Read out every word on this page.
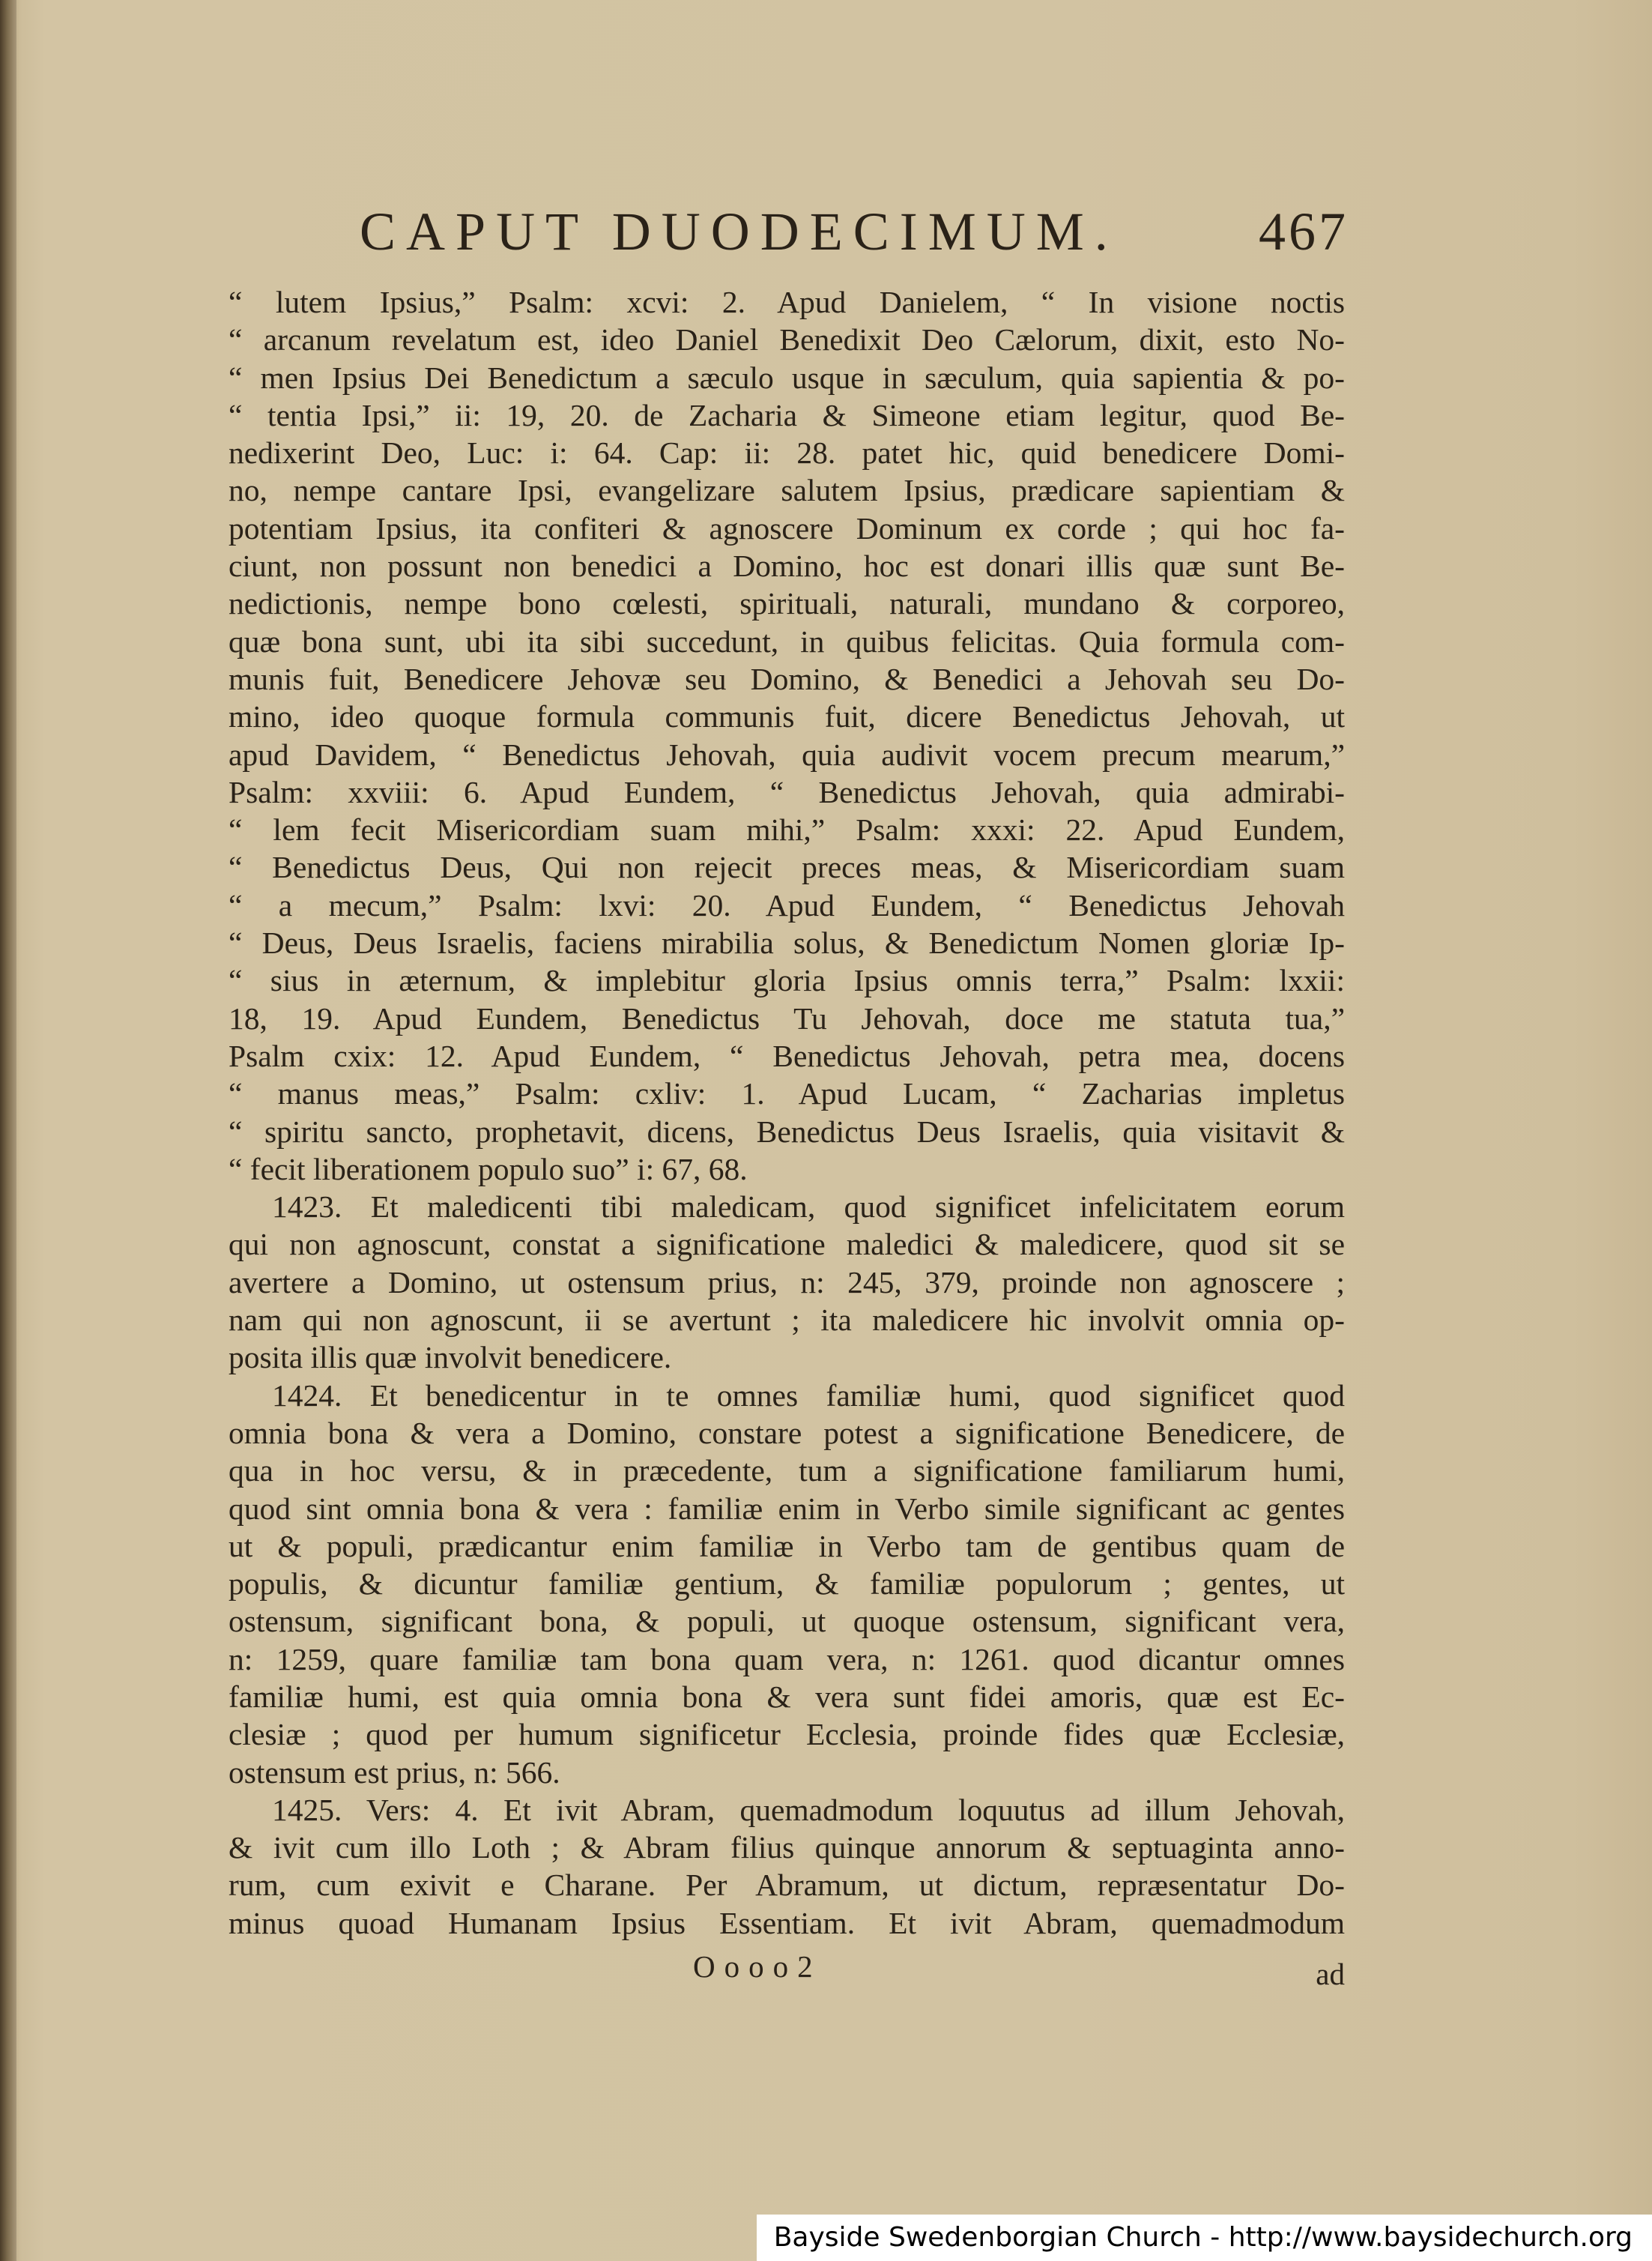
CAPUT DUODECIMUM.	467
“ lutem Ipsius,” Psalm: xcvi: 2. Apud Danielem, “ In visione noctis
“ arcanum revelatum est, ideo Daniel Benedixit Deo Cælorum, dixit, esto No-
“ men Ipsius Dei Benedictum a sæculo usque in sæculum, quia sapientia & po-
“ tentia Ipsi,” ii: 19, 20. de Zacharia & Simeone etiam legitur, quod Be-
nedixerint Deo, Luc: i: 64. Cap: ii: 28. patet hic, quid benedicere Domi-
no, nempe cantare Ipsi, evangelizare salutem Ipsius, prædicare sapientiam &
potentiam Ipsius, ita confiteri & agnoscere Dominum ex corde ; qui hoc fa-
ciunt, non possunt non benedici a Domino, hoc est donari illis quæ sunt Be-
nedictionis, nempe bono cœlesti, spirituali, naturali, mundano & corporeo,
quæ bona sunt, ubi ita sibi succedunt, in quibus felicitas. Quia formula com-
munis fuit, Benedicere Jehovæ seu Domino, & Benedici a Jehovah seu Do-
mino, ideo quoque formula communis fuit, dicere Benedictus Jehovah, ut
apud Davidem, “ Benedictus Jehovah, quia audivit vocem precum mearum,”
Psalm: xxviii: 6. Apud Eundem, “ Benedictus Jehovah, quia admirabi-
“ lem fecit Misericordiam suam mihi,” Psalm: xxxi: 22. Apud Eundem,
“ Benedictus Deus, Qui non rejecit preces meas, & Misericordiam suam
“ a mecum,” Psalm: lxvi: 20. Apud Eundem, “ Benedictus Jehovah
“ Deus, Deus Israelis, faciens mirabilia solus, & Benedictum Nomen gloriæ Ip-
“ sius in æternum, & implebitur gloria Ipsius omnis terra,” Psalm: lxxii:
18, 19. Apud Eundem, Benedictus Tu Jehovah, doce me statuta tua,”
Psalm cxix: 12. Apud Eundem, “ Benedictus Jehovah, petra mea, docens
“ manus meas,” Psalm: cxliv: 1. Apud Lucam, “ Zacharias impletus
“ spiritu sancto, prophetavit, dicens, Benedictus Deus Israelis, quia visitavit &
“ fecit liberationem populo suo” i: 67, 68.
1423. Et maledicenti tibi maledicam, quod significet infelicitatem eorum
qui non agnoscunt, constat a significatione maledici & maledicere, quod sit se
avertere a Domino, ut ostensum prius, n: 245, 379, proinde non agnoscere ;
nam qui non agnoscunt, ii se avertunt ; ita maledicere hic involvit omnia op-
posita illis quæ involvit benedicere.
1424. Et benedicentur in te omnes familiæ humi, quod significet quod
omnia bona & vera a Domino, constare potest a significatione Benedicere, de
qua in hoc versu, & in præcedente, tum a significatione familiarum humi,
quod sint omnia bona & vera : familiæ enim in Verbo simile significant ac gentes
ut & populi, prædicantur enim familiæ in Verbo tam de gentibus quam de
populis, & dicuntur familiæ gentium, & familiæ populorum ; gentes, ut
ostensum, significant bona, & populi, ut quoque ostensum, significant vera,
n: 1259, quare familiæ tam bona quam vera, n: 1261. quod dicantur omnes
familiæ humi, est quia omnia bona & vera sunt fidei amoris, quæ est Ec-
clesiæ ; quod per humum significetur Ecclesia, proinde fides quæ Ecclesiæ,
ostensum est prius, n: 566.
1425. Vers: 4. Et ivit Abram, quemadmodum loquutus ad illum Jehovah,
& ivit cum illo Loth ; & Abram filius quinque annorum & septuaginta anno-
rum, cum exivit e Charane. Per Abramum, ut dictum, repræsentatur Do-
minus quoad Humanam Ipsius Essentiam. Et ivit Abram, quemadmodum
Oooo2	ad
Bayside Swedenborgian Church - http://www.baysidechurch.org
